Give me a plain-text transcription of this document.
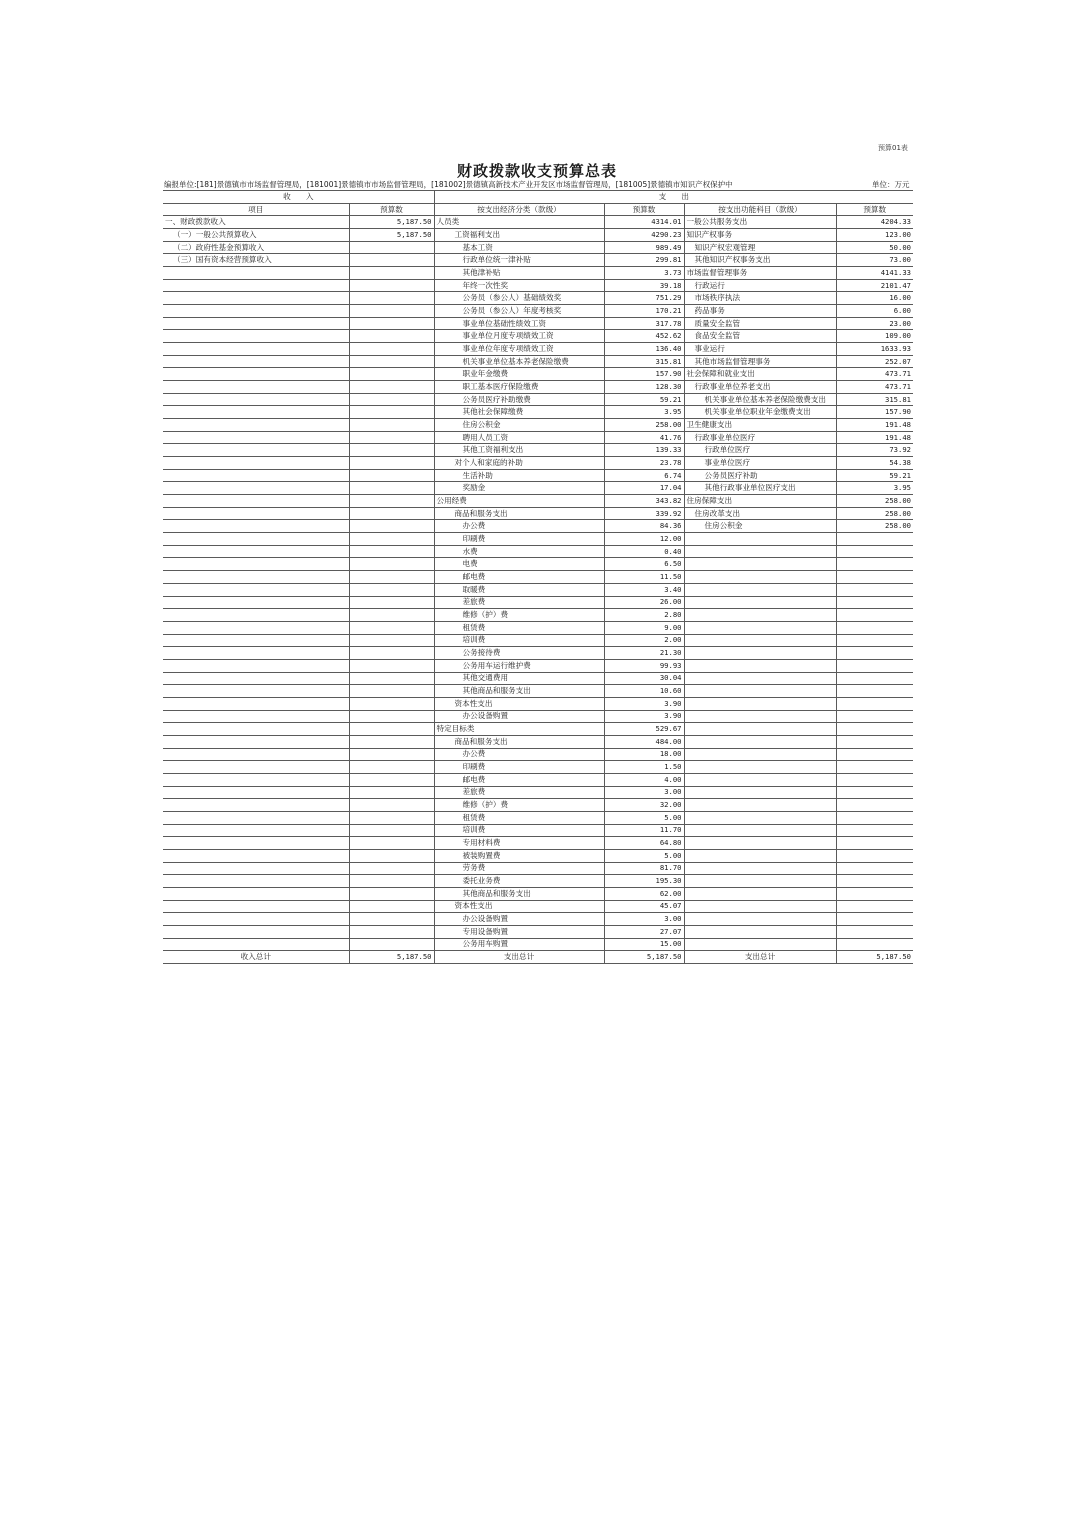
预算01表
财政拨款收支预算总表
编报单位:[181]景德镇市市场监督管理局，[181001]景德镇市市场监督管理局，[181002]景德镇高新技术产业开发区市场监督管理局，[181005]景德镇市知识产权保护中	单位：万元
收　　入		支　　出			
项目	预算数	按支出经济分类（款级）	预算数	按支出功能科目（款级）	预算数
一、财政拨款收入	5,187.50	人员类	4314.01	一般公共服务支出	4204.33
（一）一般公共预算收入	5,187.50	工资福利支出	4290.23	知识产权事务	123.00
（二）政府性基金预算收入		基本工资	989.49	知识产权宏观管理	50.00
（三）国有资本经营预算收入		行政单位统一津补贴	299.81	其他知识产权事务支出	73.00
		其他津补贴	3.73	市场监督管理事务	4141.33
		年终一次性奖	39.18	行政运行	2101.47
		公务员（参公人）基础绩效奖	751.29	市场秩序执法	16.00
		公务员（参公人）年度考核奖	170.21	药品事务	6.00
		事业单位基础性绩效工资	317.78	质量安全监管	23.00
		事业单位月度专项绩效工资	452.62	食品安全监管	109.00
		事业单位年度专项绩效工资	136.40	事业运行	1633.93
		机关事业单位基本养老保险缴费	315.81	其他市场监督管理事务	252.07
		职业年金缴费	157.90	社会保障和就业支出	473.71
		职工基本医疗保险缴费	128.30	行政事业单位养老支出	473.71
		公务员医疗补助缴费	59.21	机关事业单位基本养老保险缴费支出	315.81
		其他社会保障缴费	3.95	机关事业单位职业年金缴费支出	157.90
		住房公积金	258.00	卫生健康支出	191.48
		聘用人员工资	41.76	行政事业单位医疗	191.48
		其他工资福利支出	139.33	行政单位医疗	73.92
		对个人和家庭的补助	23.78	事业单位医疗	54.38
		生活补助	6.74	公务员医疗补助	59.21
		奖励金	17.04	其他行政事业单位医疗支出	3.95
		公用经费	343.82	住房保障支出	258.00
		商品和服务支出	339.92	住房改革支出	258.00
		办公费	84.36	住房公积金	258.00
		印刷费	12.00		
		水费	0.40		
		电费	6.50		
		邮电费	11.50		
		取暖费	3.40		
		差旅费	26.00		
		维修（护）费	2.80		
		租赁费	9.00		
		培训费	2.00		
		公务接待费	21.30		
		公务用车运行维护费	99.93		
		其他交通费用	30.04		
		其他商品和服务支出	10.60		
		资本性支出	3.90		
		办公设备购置	3.90		
		特定目标类	529.67		
		商品和服务支出	484.00		
		办公费	18.00		
		印刷费	1.50		
		邮电费	4.00		
		差旅费	3.00		
		维修（护）费	32.00		
		租赁费	5.00		
		培训费	11.70		
		专用材料费	64.80		
		被装购置费	5.00		
		劳务费	81.70		
		委托业务费	195.30		
		其他商品和服务支出	62.00		
		资本性支出	45.07		
		办公设备购置	3.00		
		专用设备购置	27.07		
		公务用车购置	15.00		
收入总计	5,187.50	支出总计	5,187.50	支出总计	5,187.50
